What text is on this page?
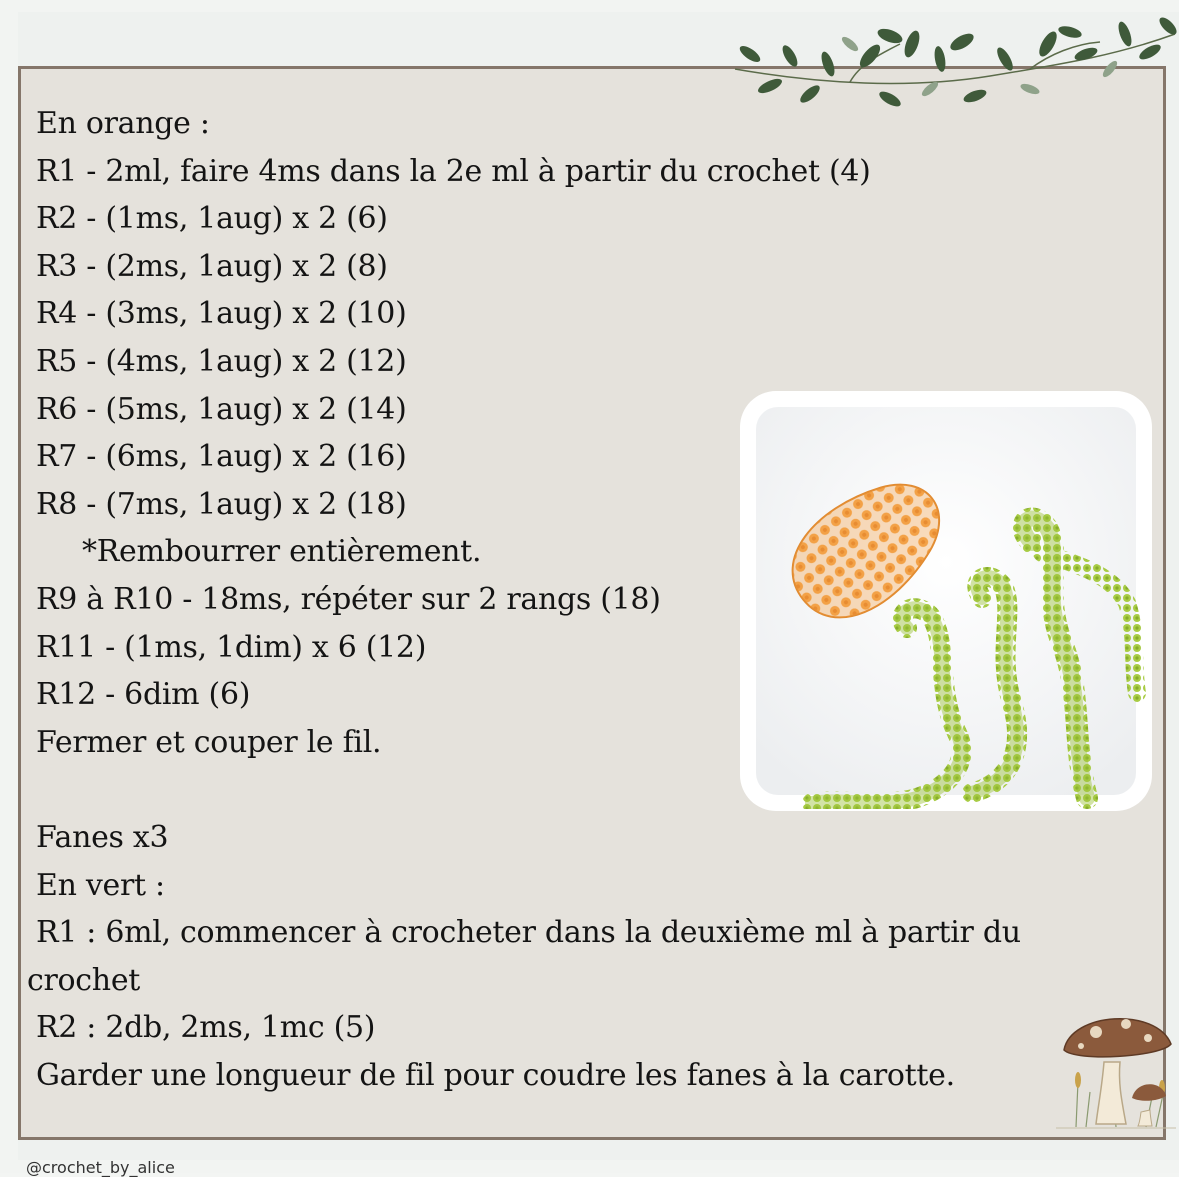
En orange :
R1 - 2ml, faire 4ms dans la 2e ml à partir du crochet (4)
R2 - (1ms, 1aug) x 2 (6)
R3 - (2ms, 1aug) x 2 (8)
R4 - (3ms, 1aug) x 2 (10)
R5 - (4ms, 1aug) x 2 (12)
R6 - (5ms, 1aug) x 2 (14)
R7 - (6ms, 1aug) x 2 (16)
R8 - (7ms, 1aug) x 2 (18)
*Rembourrer entièrement.
R9 à R10 - 18ms, répéter sur 2 rangs (18)
R11 - (1ms, 1dim) x 6 (12)
R12 - 6dim (6)
Fermer et couper le fil.
Fanes x3
En vert :
R1 : 6ml, commencer à crocheter dans la deuxième ml à partir du
crochet
R2 : 2db, 2ms, 1mc (5)
Garder une longueur de fil pour coudre les fanes à la carotte.
@crochet_by_alice
